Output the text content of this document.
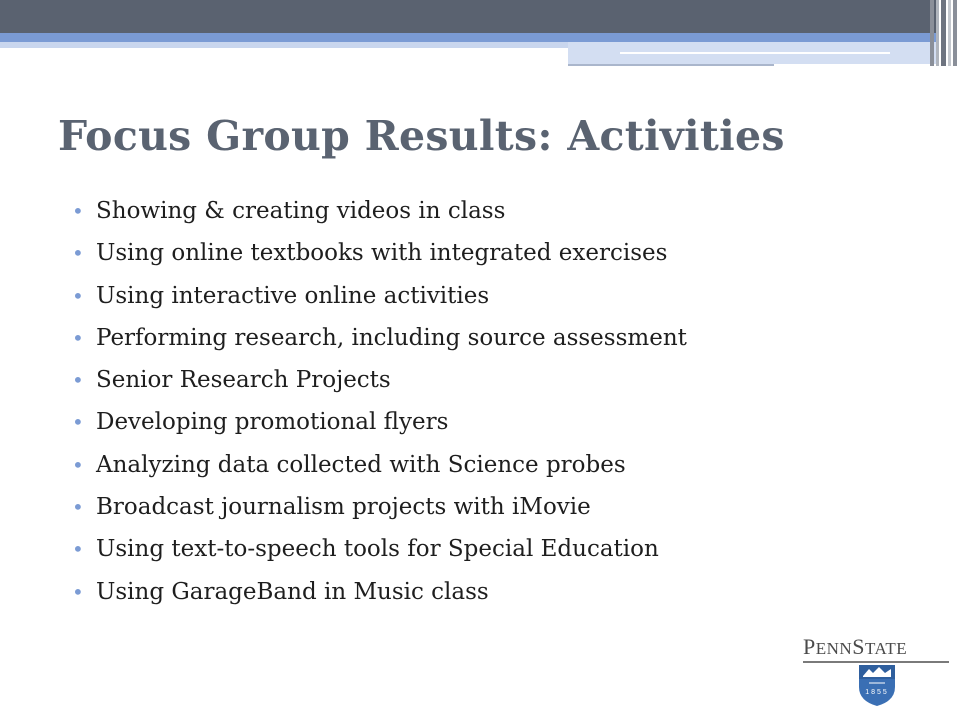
Focus Group Results: Activities
• Showing & creating videos in class
• Using online textbooks with integrated exercises
• Using interactive online activities
• Performing research, including source assessment
• Senior Research Projects
• Developing promotional flyers
• Analyzing data collected with Science probes
• Broadcast journalism projects with iMovie
• Using text-to-speech tools for Special Education
• Using GarageBand in Music class
PENNSTATE
1855
